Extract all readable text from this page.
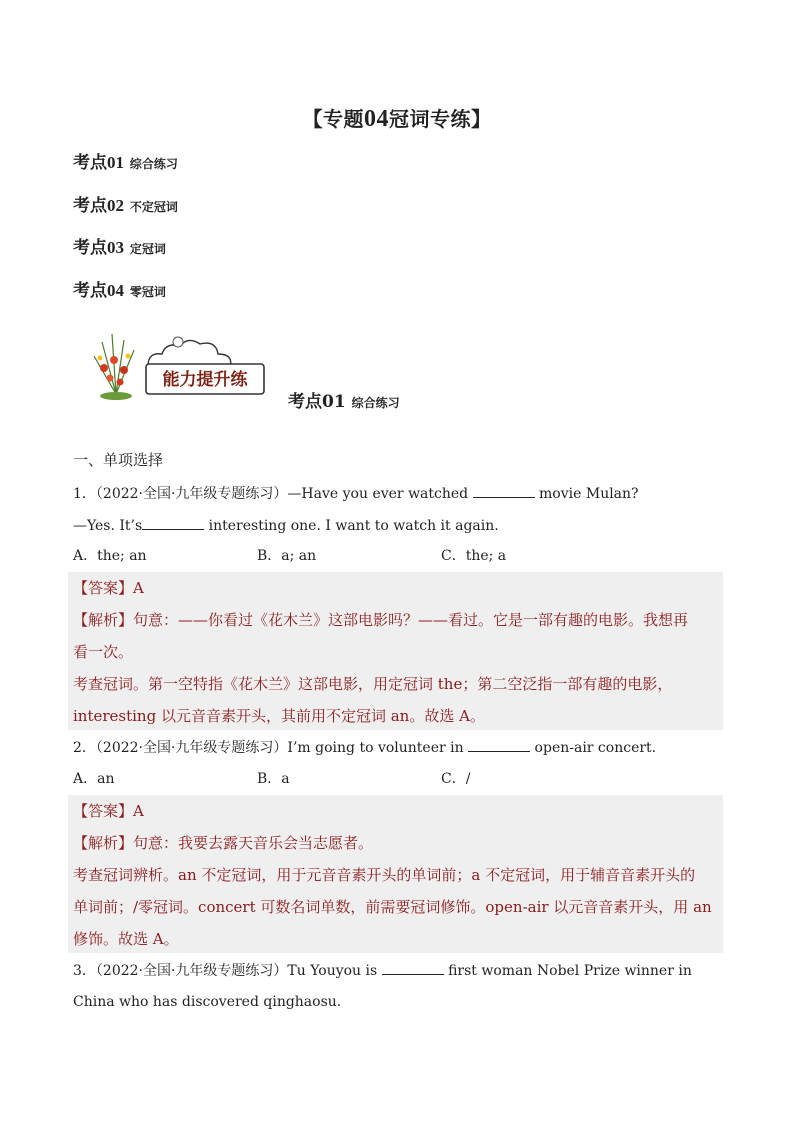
【专题04冠词专练】
考点01 综合练习
考点02 不定冠词
考点03 定冠词
考点04 零冠词
能力提升练
考点01 综合练习
一、单项选择
1．（2022·全国·九年级专题练习）—Have you ever watched	movie Mulan?
—Yes. It’s	interesting one. I want to watch it again.
A．the; an	B．a; an	C．the; a
【答案】A
【解析】句意：——你看过《花木兰》这部电影吗？——看过。它是一部有趣的电影。我想再
看一次。
考查冠词。第一空特指《花木兰》这部电影，用定冠词 the；第二空泛指一部有趣的电影，
interesting 以元音音素开头，其前用不定冠词 an。故选 A。
2．（2022·全国·九年级专题练习）I’m going to volunteer in	open-air concert.
A．an	B．a	C．/
【答案】A
【解析】句意：我要去露天音乐会当志愿者。
考查冠词辨析。an 不定冠词，用于元音音素开头的单词前；a 不定冠词，用于辅音音素开头的
单词前；/零冠词。concert 可数名词单数，前需要冠词修饰。open-air 以元音音素开头，用 an
修饰。故选 A。
3．（2022·全国·九年级专题练习）Tu Youyou is	first woman Nobel Prize winner in
China who has discovered qinghaosu.
